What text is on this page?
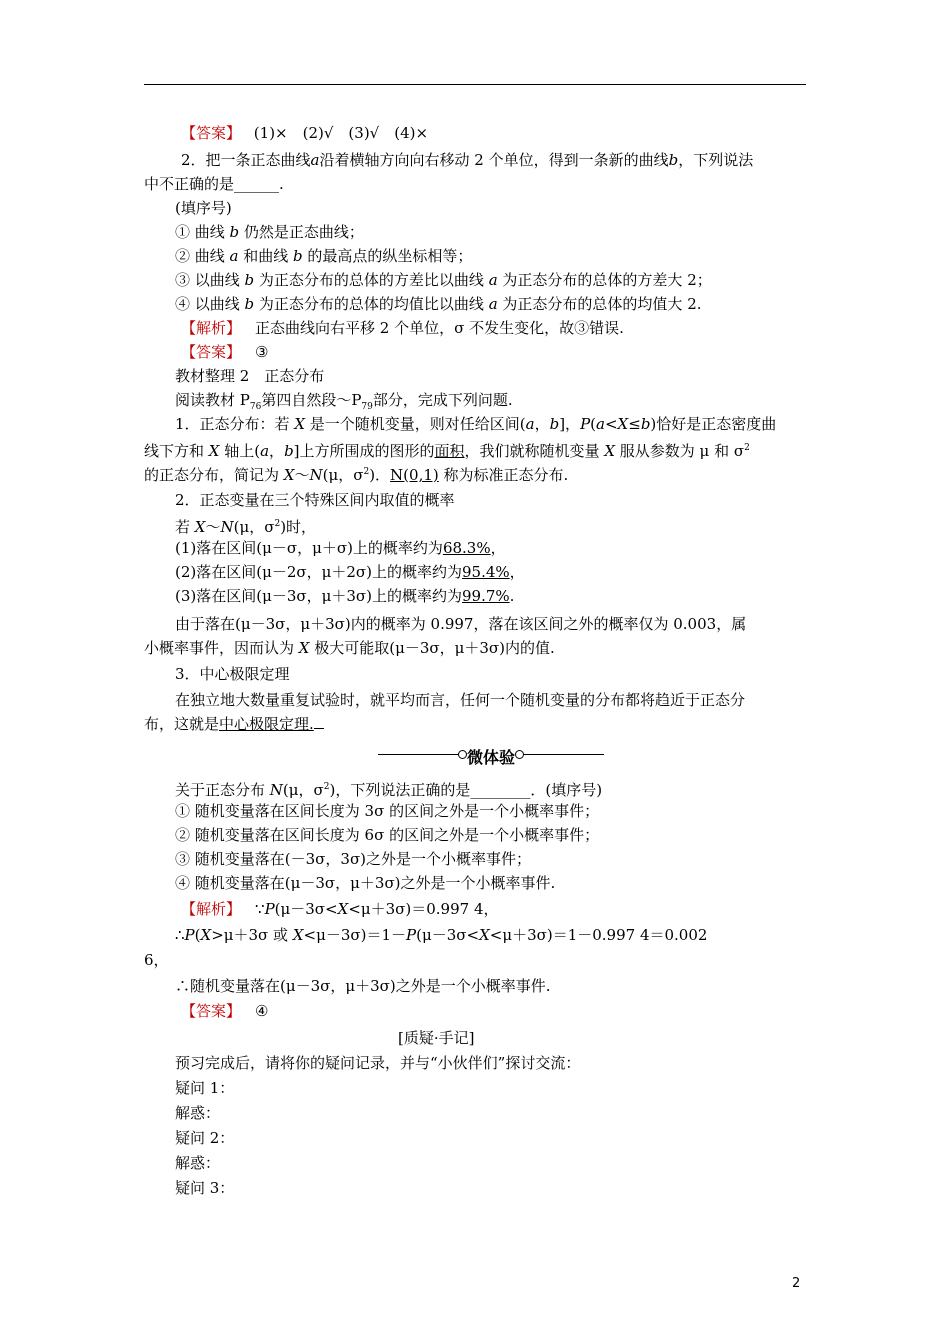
【答案】 (1)×　(2)√　(3)√　(4)×
2．把一条正态曲线a沿着横轴方向向右移动 2 个单位，得到一条新的曲线b，下列说法
中不正确的是______.
(填序号)
① 曲线 b 仍然是正态曲线；
② 曲线 a 和曲线 b 的最高点的纵坐标相等；
③ 以曲线 b 为正态分布的总体的方差比以曲线 a 为正态分布的总体的方差大 2；
④ 以曲线 b 为正态分布的总体的均值比以曲线 a 为正态分布的总体的均值大 2.
【解析】 正态曲线向右平移 2 个单位，σ 不发生变化，故③错误.
【答案】 ③
教材整理 2　正态分布
阅读教材 $P_{76}$第四自然段$\sim P_{79}$部分，完成下列问题.
1．正态分布：若 X 是一个随机变量，则对任给区间(a，b]，P(a<X≤b)恰好是正态密度曲
线下方和 X 轴上(a，b]上方所围成的图形的面积，我们就称随机变量 X 服从参数为 μ 和 $\sigma^2$
的正态分布，简记为 X～N(μ，$\sigma^2$)．N(0,1) 称为标准正态分布.
2．正态变量在三个特殊区间内取值的概率
若 X～N(μ，$\sigma^2$)时，
(1)落在区间(μ－σ，μ＋σ)上的概率约为68.3%，
(2)落在区间(μ－2σ，μ＋2σ)上的概率约为95.4%，
(3)落在区间(μ－3σ，μ＋3σ)上的概率约为99.7%.
由于落在(μ－3σ，μ＋3σ)内的概率为 0.997，落在该区间之外的概率仅为 0.003，属
小概率事件，因而认为 X 极大可能取(μ－3σ，μ＋3σ)内的值.
3．中心极限定理
在独立地大数量重复试验时，就平均而言，任何一个随机变量的分布都将趋近于正态分
布，这就是中心极限定理.
微体验
关于正态分布 N(μ，$\sigma^2$)，下列说法正确的是________．(填序号)
① 随机变量落在区间长度为 3σ 的区间之外是一个小概率事件；
② 随机变量落在区间长度为 6σ 的区间之外是一个小概率事件；
③ 随机变量落在(－3σ，3σ)之外是一个小概率事件；
④ 随机变量落在(μ－3σ，μ＋3σ)之外是一个小概率事件.
【解析】 ∵P(μ－3σ<X<μ＋3σ)＝0.997 4，
∴P(X>μ＋3σ 或 X<μ－3σ)＝1－P(μ－3σ<X<μ＋3σ)＝1－0.997 4＝0.002
6，
∴随机变量落在(μ－3σ，μ＋3σ)之外是一个小概率事件.
【答案】 ④
[质疑·手记]
预习完成后，请将你的疑问记录，并与“小伙伴们”探讨交流：
疑问 1：
解惑：
疑问 2：
解惑：
疑问 3：
2
